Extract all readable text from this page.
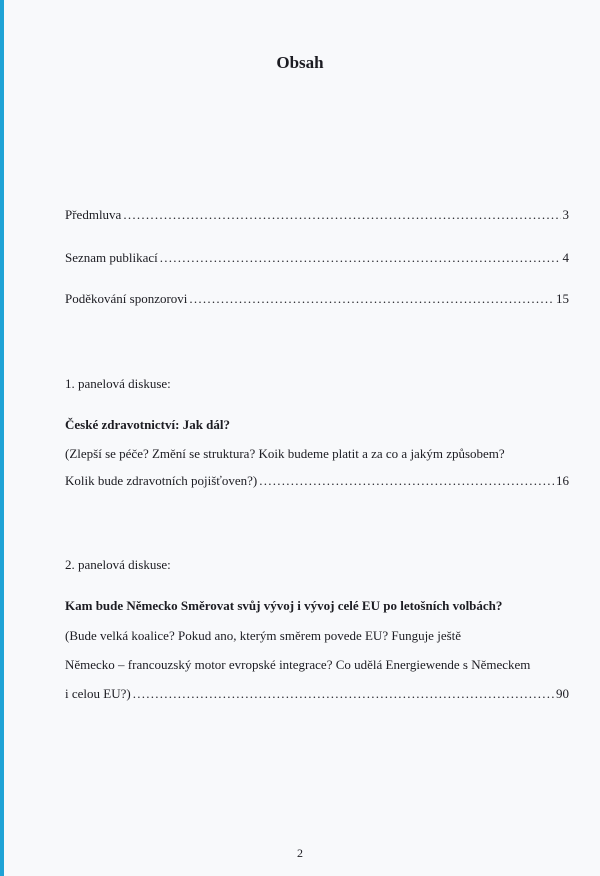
Obsah
Předmluva . . .	3
Seznam publikací . . .	4
Poděkování sponzorovi . . .	15
1. panelová diskuse:
České zdravotnictví: Jak dál?
(Zlepší se péče? Změní se struktura? Koik budeme platit a za co a jakým způsobem?
Kolik bude zdravotních pojišťoven?) . . .	16
2. panelová diskuse:
Kam bude Německo Směrovat svůj vývoj i vývoj celé EU po letošních volbách?
(Bude velká koalice? Pokud ano, kterým směrem povede EU? Funguje ještě
Německo – francouzský motor evropské integrace? Co udělá Energiewende s Německem
i celou EU?) . . .	90
2
